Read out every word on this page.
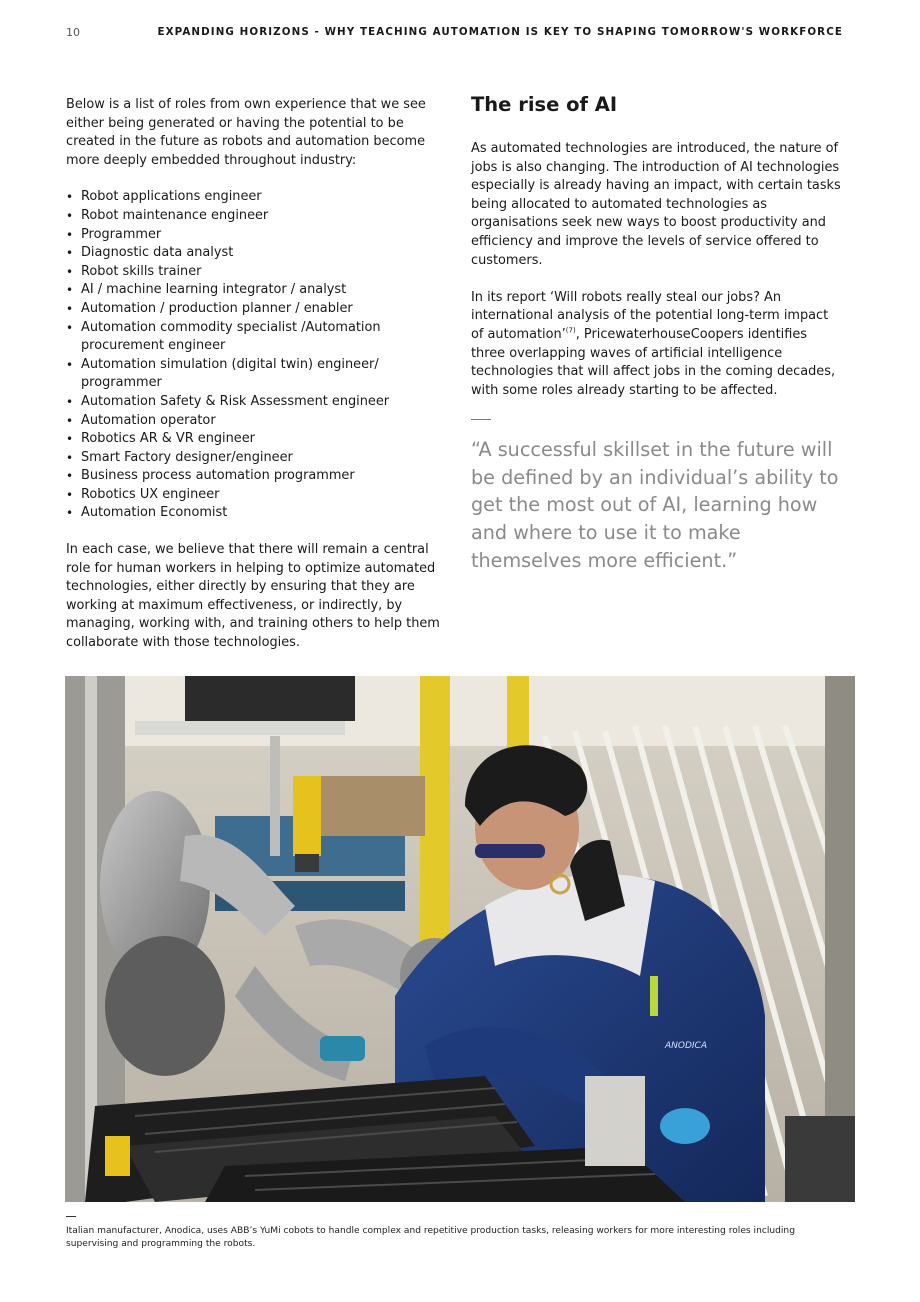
10	EXPANDING HORIZONS - WHY TEACHING AUTOMATION IS KEY TO SHAPING TOMORROW'S WORKFORCE

Below is a list of roles from own experience that we see either being generated or having the potential to be created in the future as robots and automation become more deeply embedded throughout industry:

• Robot applications engineer
• Robot maintenance engineer
• Programmer
• Diagnostic data analyst
• Robot skills trainer
• AI / machine learning integrator / analyst
• Automation / production planner / enabler
• Automation commodity specialist /Automation procurement engineer
• Automation simulation (digital twin) engineer/ programmer
• Automation Safety & Risk Assessment engineer
• Automation operator
• Robotics AR & VR engineer
• Smart Factory designer/engineer
• Business process automation programmer
• Robotics UX engineer
• Automation Economist

In each case, we believe that there will remain a central role for human workers in helping to optimize automated technologies, either directly by ensuring that they are working at maximum effectiveness, or indirectly, by managing, working with, and training others to help them collaborate with those technologies.

The rise of AI

As automated technologies are introduced, the nature of jobs is also changing. The introduction of AI technologies especially is already having an impact, with certain tasks being allocated to automated technologies as organisations seek new ways to boost productivity and efficiency and improve the levels of service offered to customers.

In its report ‘Will robots really steal our jobs? An international analysis of the potential long-term impact of automation’$^{(7)}$, PricewaterhouseCoopers identifies three overlapping waves of artificial intelligence technologies that will affect jobs in the coming decades, with some roles already starting to be affected.

“A successful skillset in the future will be defined by an individual’s ability to get the most out of AI, learning how and where to use it to make themselves more efficient.”
ANODICA
Italian manufacturer, Anodica, uses ABB’s YuMi cobots to handle complex and repetitive production tasks, releasing workers for more interesting roles including supervising and programming the robots.
